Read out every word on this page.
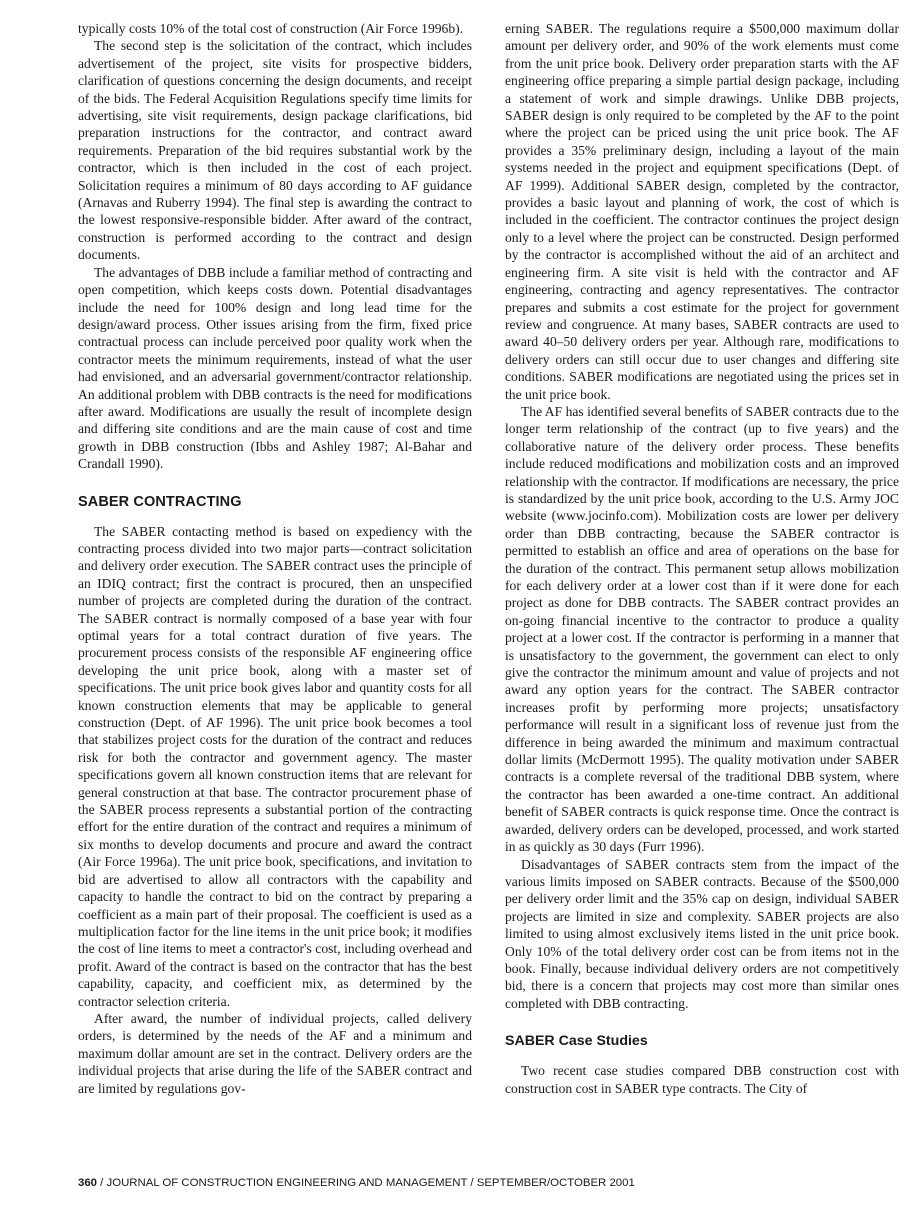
typically costs 10% of the total cost of construction (Air Force 1996b).

The second step is the solicitation of the contract, which includes advertisement of the project, site visits for prospective bidders, clarification of questions concerning the design documents, and receipt of the bids. The Federal Acquisition Regulations specify time limits for advertising, site visit requirements, design package clarifications, bid preparation instructions for the contractor, and contract award requirements. Preparation of the bid requires substantial work by the contractor, which is then included in the cost of each project. Solicitation requires a minimum of 80 days according to AF guidance (Arnavas and Ruberry 1994). The final step is awarding the contract to the lowest responsive-responsible bidder. After award of the contract, construction is performed according to the contract and design documents.

The advantages of DBB include a familiar method of contracting and open competition, which keeps costs down. Potential disadvantages include the need for 100% design and long lead time for the design/award process. Other issues arising from the firm, fixed price contractual process can include perceived poor quality work when the contractor meets the minimum requirements, instead of what the user had envisioned, and an adversarial government/contractor relationship. An additional problem with DBB contracts is the need for modifications after award. Modifications are usually the result of incomplete design and differing site conditions and are the main cause of cost and time growth in DBB construction (Ibbs and Ashley 1987; Al-Bahar and Crandall 1990).

SABER CONTRACTING

The SABER contacting method is based on expediency with the contracting process divided into two major parts—contract solicitation and delivery order execution. The SABER contract uses the principle of an IDIQ contract; first the contract is procured, then an unspecified number of projects are completed during the duration of the contract. The SABER contract is normally composed of a base year with four optimal years for a total contract duration of five years. The procurement process consists of the responsible AF engineering office developing the unit price book, along with a master set of specifications. The unit price book gives labor and quantity costs for all known construction elements that may be applicable to general construction (Dept. of AF 1996). The unit price book becomes a tool that stabilizes project costs for the duration of the contract and reduces risk for both the contractor and government agency. The master specifications govern all known construction items that are relevant for general construction at that base. The contractor procurement phase of the SABER process represents a substantial portion of the contracting effort for the entire duration of the contract and requires a minimum of six months to develop documents and procure and award the contract (Air Force 1996a). The unit price book, specifications, and invitation to bid are advertised to allow all contractors with the capability and capacity to handle the contract to bid on the contract by preparing a coefficient as a main part of their proposal. The coefficient is used as a multiplication factor for the line items in the unit price book; it modifies the cost of line items to meet a contractor's cost, including overhead and profit. Award of the contract is based on the contractor that has the best capability, capacity, and coefficient mix, as determined by the contractor selection criteria.

After award, the number of individual projects, called delivery orders, is determined by the needs of the AF and a minimum and maximum dollar amount are set in the contract. Delivery orders are the individual projects that arise during the life of the SABER contract and are limited by regulations gov-

erning SABER. The regulations require a $500,000 maximum dollar amount per delivery order, and 90% of the work elements must come from the unit price book. Delivery order preparation starts with the AF engineering office preparing a simple partial design package, including a statement of work and simple drawings. Unlike DBB projects, SABER design is only required to be completed by the AF to the point where the project can be priced using the unit price book. The AF provides a 35% preliminary design, including a layout of the main systems needed in the project and equipment specifications (Dept. of AF 1999). Additional SABER design, completed by the contractor, provides a basic layout and planning of work, the cost of which is included in the coefficient. The contractor continues the project design only to a level where the project can be constructed. Design performed by the contractor is accomplished without the aid of an architect and engineering firm. A site visit is held with the contractor and AF engineering, contracting and agency representatives. The contractor prepares and submits a cost estimate for the project for government review and congruence. At many bases, SABER contracts are used to award 40–50 delivery orders per year. Although rare, modifications to delivery orders can still occur due to user changes and differing site conditions. SABER modifications are negotiated using the prices set in the unit price book.

The AF has identified several benefits of SABER contracts due to the longer term relationship of the contract (up to five years) and the collaborative nature of the delivery order process. These benefits include reduced modifications and mobilization costs and an improved relationship with the contractor. If modifications are necessary, the price is standardized by the unit price book, according to the U.S. Army JOC website (www.jocinfo.com). Mobilization costs are lower per delivery order than DBB contracting, because the SABER contractor is permitted to establish an office and area of operations on the base for the duration of the contract. This permanent setup allows mobilization for each delivery order at a lower cost than if it were done for each project as done for DBB contracts. The SABER contract provides an on-going financial incentive to the contractor to produce a quality project at a lower cost. If the contractor is performing in a manner that is unsatisfactory to the government, the government can elect to only give the contractor the minimum amount and value of projects and not award any option years for the contract. The SABER contractor increases profit by performing more projects; unsatisfactory performance will result in a significant loss of revenue just from the difference in being awarded the minimum and maximum contractual dollar limits (McDermott 1995). The quality motivation under SABER contracts is a complete reversal of the traditional DBB system, where the contractor has been awarded a one-time contract. An additional benefit of SABER contracts is quick response time. Once the contract is awarded, delivery orders can be developed, processed, and work started in as quickly as 30 days (Furr 1996).

Disadvantages of SABER contracts stem from the impact of the various limits imposed on SABER contracts. Because of the $500,000 per delivery order limit and the 35% cap on design, individual SABER projects are limited in size and complexity. SABER projects are also limited to using almost exclusively items listed in the unit price book. Only 10% of the total delivery order cost can be from items not in the book. Finally, because individual delivery orders are not competitively bid, there is a concern that projects may cost more than similar ones completed with DBB contracting.

SABER Case Studies

Two recent case studies compared DBB construction cost with construction cost in SABER type contracts. The City of

360 / JOURNAL OF CONSTRUCTION ENGINEERING AND MANAGEMENT / SEPTEMBER/OCTOBER 2001
